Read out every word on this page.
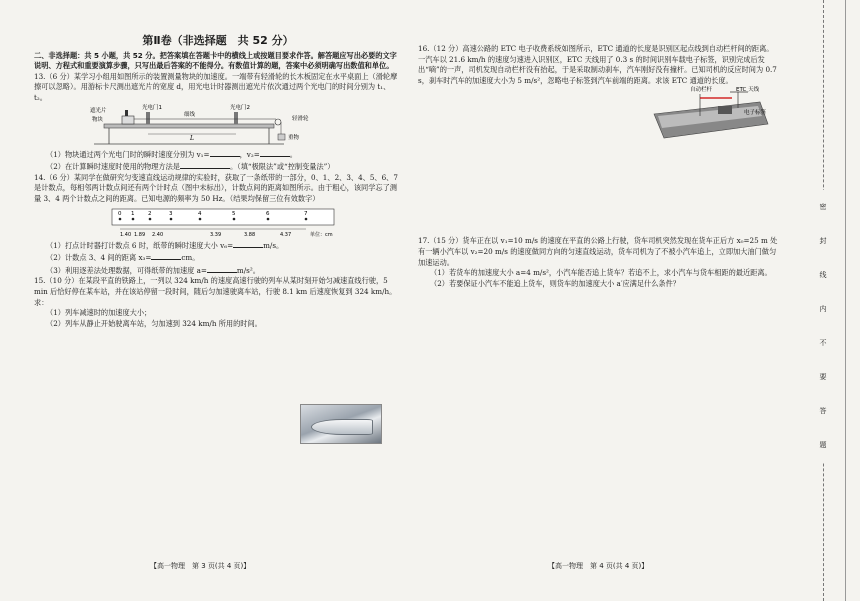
第Ⅱ卷（非选择题　共 52 分）

二、非选择题：共 5 小题，共 52 分。把答案填在答题卡中的横线上或按题目要求作答。解答题应写出必要的文字说明、方程式和重要演算步骤，只写出最后答案的不能得分。有数值计算的题，答案中必须明确写出数值和单位。

13.（6 分）某学习小组用如图所示的装置测量物块的加速度。一端带有轻滑轮的长木板固定在水平桌面上（滑轮摩擦可以忽略）。用游标卡尺测出遮光片的宽度 d，用光电计时器测出遮光片依次通过两个光电门的时间分别为 t₁、t₂。

遮光片	光电门1
细线
光电门2
轻滑轮
物块
重物
L

（1）物块通过两个光电门时的瞬时速度分别为 v₁=	，v₂=	。

（2）在计算瞬时速度时使用的物理方法是	。（填“极限法”或“控制变量法”）

14.（6 分）某同学在做研究匀变速直线运动规律的实验时，获取了一条纸带的一部分，0、1、2、3、4、5、6、7 是计数点，每相邻两计数点间还有两个计时点（图中未标出），计数点间的距离如图所示。由于粗心，该同学忘了测量 3、4 两个计数点之间的距离。已知电源的频率为 50 Hz。（结果均保留三位有效数字）

0 1 2	3	4	5	6	7
1.40 1.89 2.40	3.39	3.88	4.37	单位：cm

（1）打点计时器打计数点 6 时，纸带的瞬时速度大小 v₆=	m/s。

（2）计数点 3、4 间的距离 x₃=	cm。

（3）利用逐差法处理数据，可得纸带的加速度 a=	m/s²。

15.（10 分）在某段平直的铁路上，一列以 324 km/h 的速度高速行驶的列车从某时刻开始匀减速直线行驶，5 min 后恰好停在某车站，并在该站停留一段时间，随后匀加速驶离车站，行驶 8.1 km 后速度恢复到 324 km/h。求：

（1）列车减速时的加速度大小；

（2）列车从静止开始驶离车站，匀加速到 324 km/h 所用的时间。

【高一物理　第 3 页(共 4 页)】

16.（12 分）高速公路的 ETC 电子收费系统如图所示，ETC 通道的长度是识别区起点线到自动栏杆间的距离。一汽车以 21.6 km/h 的速度匀速进入识别区，ETC 天线用了 0.3 s 的时间识别车载电子标签，识别完成后发出“嘀”的一声，司机发现自动栏杆没有抬起，于是采取制动刹车，汽车刚好没有撞杆。已知司机的反应时间为 0.7 s，刹车时汽车的加速度大小为 5 m/s²，忽略电子标签到汽车前端的距离。求该 ETC 通道的长度。

自动栏杆	ETC 天线
电子标签

17.（15 分）货车正在以 v₁=10 m/s 的速度在平直的公路上行驶，货车司机突然发现在货车正后方 x₀=25 m 处有一辆小汽车以 v₂=20 m/s 的速度做同方向的匀速直线运动，货车司机为了不被小汽车追上，立即加大油门做匀加速运动。

（1）若货车的加速度大小 a=4 m/s²，小汽车能否追上货车？若追不上，求小汽车与货车相距的最近距离。

（2）若要保证小汽车不能追上货车，则货车的加速度大小 a′应满足什么条件？

【高一物理　第 4 页(共 4 页)】
密
封
线
内
不
要
答
题
